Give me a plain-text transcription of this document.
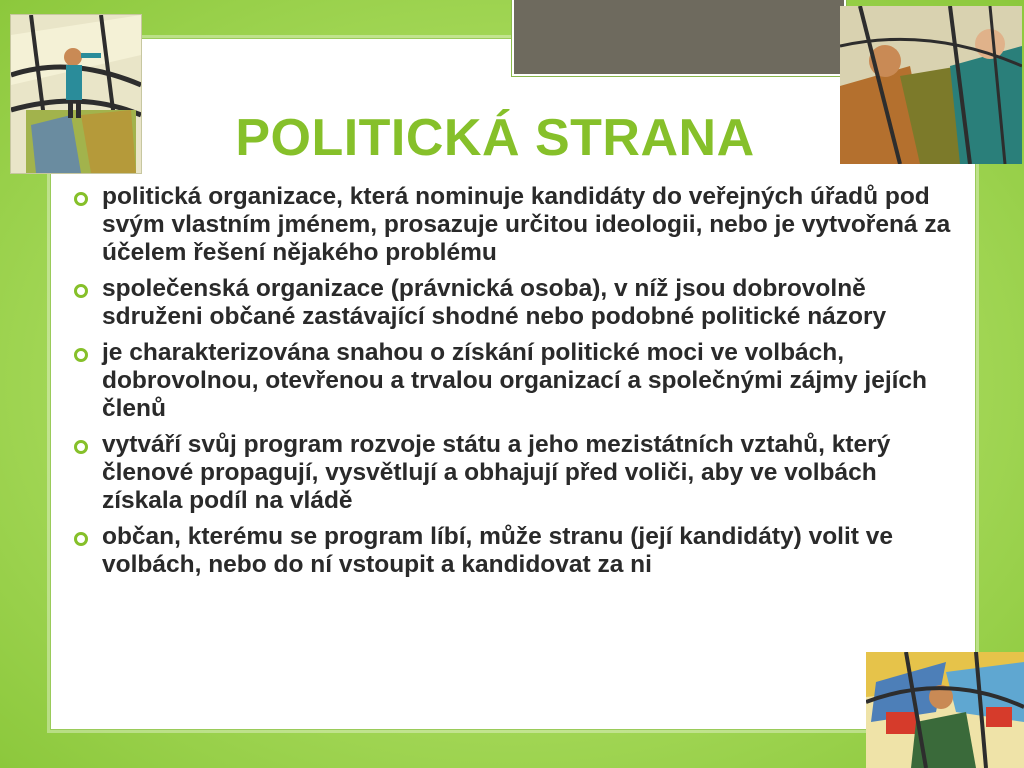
POLITICKÁ STRANA
politická organizace, která nominuje kandidáty do veřejných úřadů pod svým vlastním jménem, prosazuje určitou ideologii, nebo je vytvořená za účelem řešení nějakého problému
společenská organizace (právnická osoba), v níž jsou dobrovolně sdruženi občané zastávající shodné nebo podobné politické názory
je charakterizována snahou o získání politické moci ve volbách, dobrovolnou, otevřenou a trvalou organizací a společnými zájmy jejích členů
vytváří svůj program rozvoje státu a jeho mezistátních vztahů, který členové propagují, vysvětlují a obhajují před voliči, aby ve volbách získala podíl na vládě
občan, kterému se program líbí, může stranu (její kandidáty) volit ve volbách, nebo do ní vstoupit a kandidovat za ni
